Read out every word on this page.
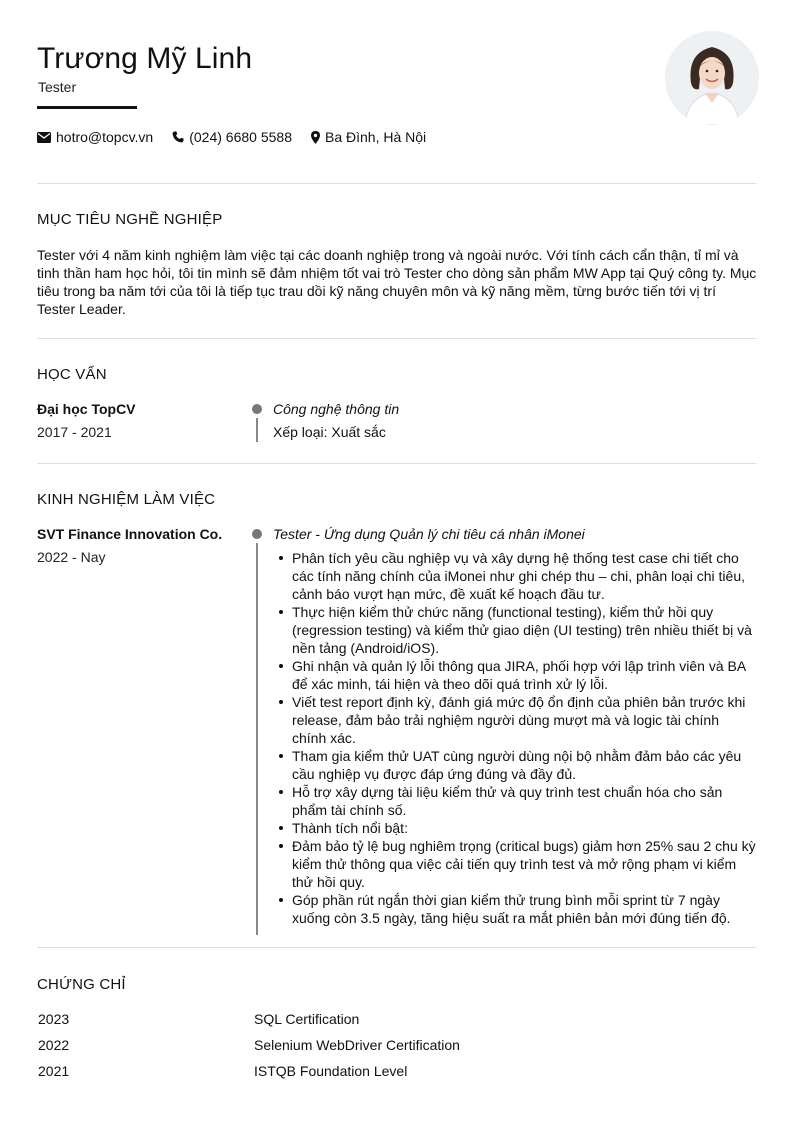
Trương Mỹ Linh
Tester
hotro@topcv.vn	(024) 6680 5588 Ba Đình, Hà Nội
MỤC TIÊU NGHỀ NGHIỆP
Tester với 4 năm kinh nghiệm làm việc tại các doanh nghiệp trong và ngoài nước. Với tính cách cẩn thận, tỉ mỉ và tinh thần ham học hỏi, tôi tin mình sẽ đảm nhiệm tốt vai trò Tester cho dòng sản phẩm MW App tại Quý công ty. Mục tiêu trong ba năm tới của tôi là tiếp tục trau dồi kỹ năng chuyên môn và kỹ năng mềm, từng bước tiến tới vị trí Tester Leader.
HỌC VẤN
Đại học TopCV
2017 - 2021
Công nghệ thông tin
Xếp loại: Xuất sắc
KINH NGHIỆM LÀM VIỆC
SVT Finance Innovation Co.
2022 - Nay
Tester - Ứng dụng Quản lý chi tiêu cá nhân iMonei
Phân tích yêu cầu nghiệp vụ và xây dựng hệ thống test case chi tiết cho các tính năng chính của iMonei như ghi chép thu – chi, phân loại chi tiêu, cảnh báo vượt hạn mức, đề xuất kế hoạch đầu tư.
Thực hiện kiểm thử chức năng (functional testing), kiểm thử hồi quy (regression testing) và kiểm thử giao diện (UI testing) trên nhiều thiết bị và nền tảng (Android/iOS).
Ghi nhận và quản lý lỗi thông qua JIRA, phối hợp với lập trình viên và BA để xác minh, tái hiện và theo dõi quá trình xử lý lỗi.
Viết test report định kỳ, đánh giá mức độ ổn định của phiên bản trước khi release, đảm bảo trải nghiệm người dùng mượt mà và logic tài chính chính xác.
Tham gia kiểm thử UAT cùng người dùng nội bộ nhằm đảm bảo các yêu cầu nghiệp vụ được đáp ứng đúng và đầy đủ.
Hỗ trợ xây dựng tài liệu kiểm thử và quy trình test chuẩn hóa cho sản phẩm tài chính số.
Thành tích nổi bật:
Đảm bảo tỷ lệ bug nghiêm trọng (critical bugs) giảm hơn 25% sau 2 chu kỳ kiểm thử thông qua việc cải tiến quy trình test và mở rộng phạm vi kiểm thử hồi quy.
Góp phần rút ngắn thời gian kiểm thử trung bình mỗi sprint từ 7 ngày xuống còn 3.5 ngày, tăng hiệu suất ra mắt phiên bản mới đúng tiến độ.
CHỨNG CHỈ
2023	SQL Certification
2022	Selenium WebDriver Certification
2021	ISTQB Foundation Level
